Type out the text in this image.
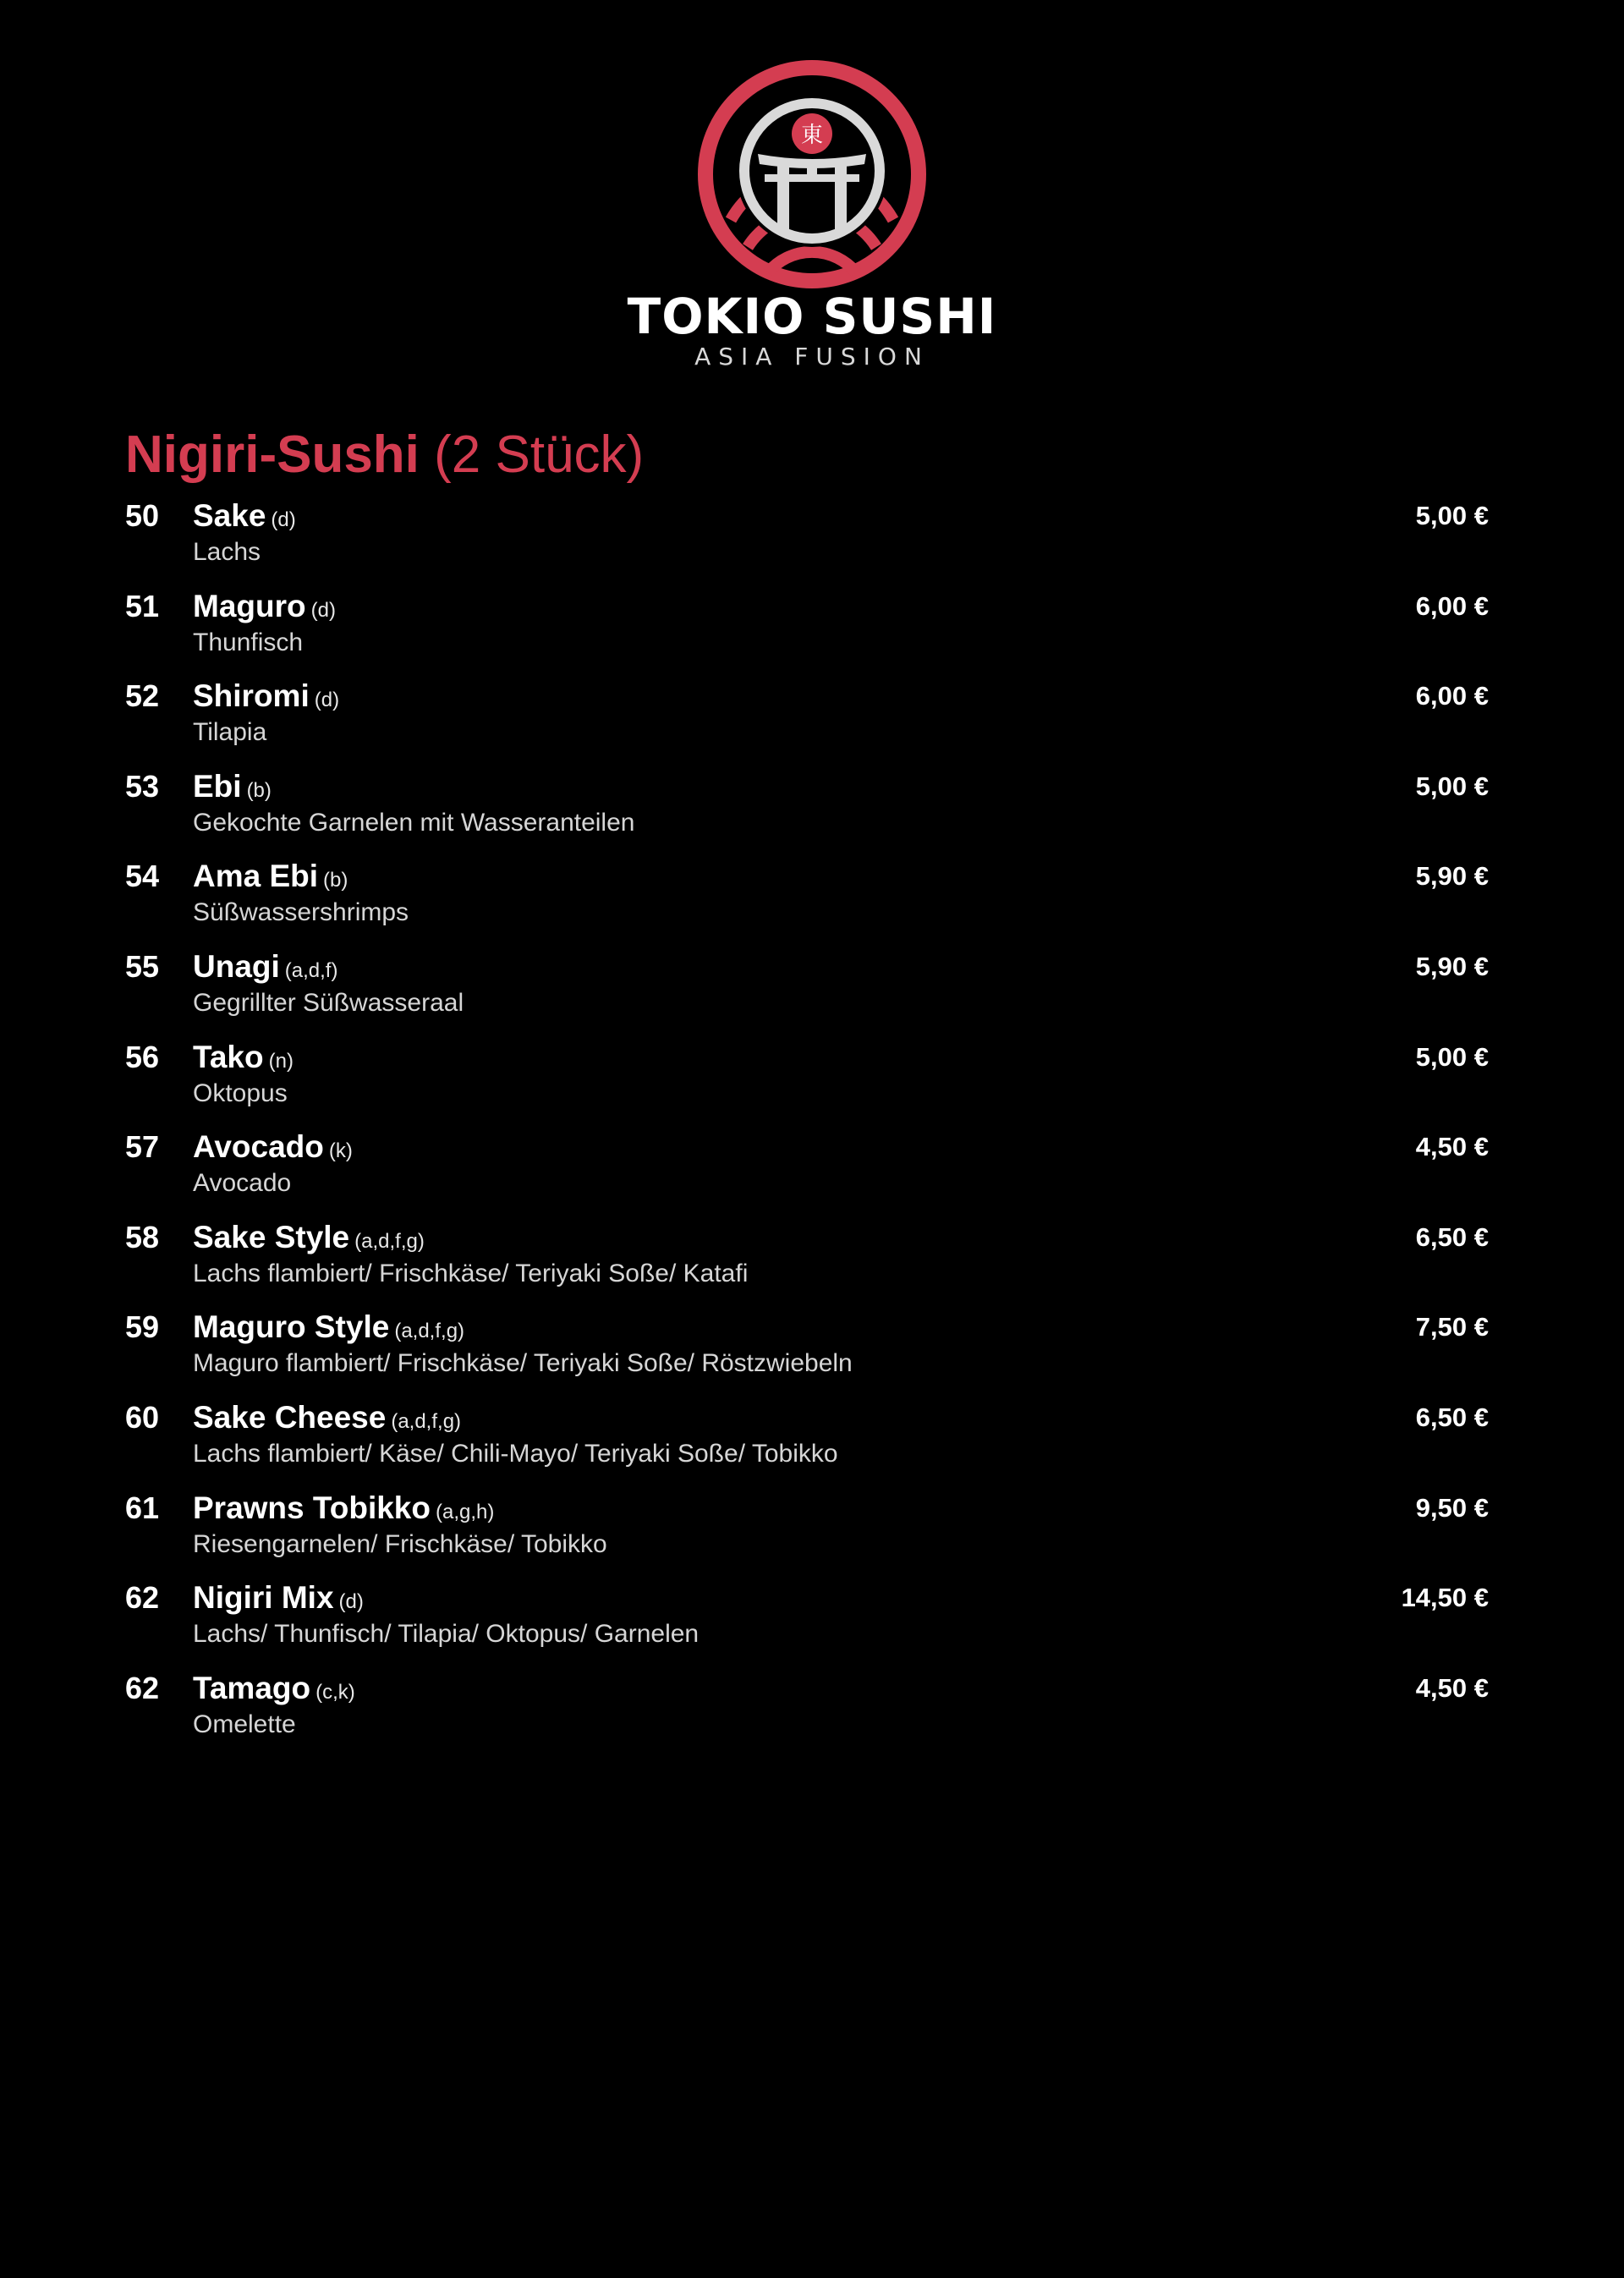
東
TOKIO SUSHI
ASIA FUSION
Nigiri-Sushi (2 Stück)
50 Sake (d)
Lachs
5,00 €
51 Maguro (d)
Thunfisch
6,00 €
52 Shiromi (d)
Tilapia
6,00 €
53 Ebi (b)
Gekochte Garnelen mit Wasseranteilen
5,00 €
54 Ama Ebi (b)
Süßwassershrimps
5,90 €
55 Unagi (a,d,f)
Gegrillter Süßwasseraal
5,90 €
56 Tako (n)
Oktopus
5,00 €
57 Avocado (k)
Avocado
4,50 €
58 Sake Style (a,d,f,g)
Lachs flambiert/ Frischkäse/ Teriyaki Soße/ Katafi
6,50 €
59 Maguro Style (a,d,f,g)
Maguro flambiert/ Frischkäse/ Teriyaki Soße/ Röstzwiebeln
7,50 €
60 Sake Cheese (a,d,f,g)
Lachs flambiert/ Käse/ Chili-Mayo/ Teriyaki Soße/ Tobikko
6,50 €
61 Prawns Tobikko (a,g,h)
Riesengarnelen/ Frischkäse/ Tobikko
9,50 €
62 Nigiri Mix (d)
Lachs/ Thunfisch/ Tilapia/ Oktopus/ Garnelen
14,50 €
62 Tamago (c,k)
Omelette
4,50 €
